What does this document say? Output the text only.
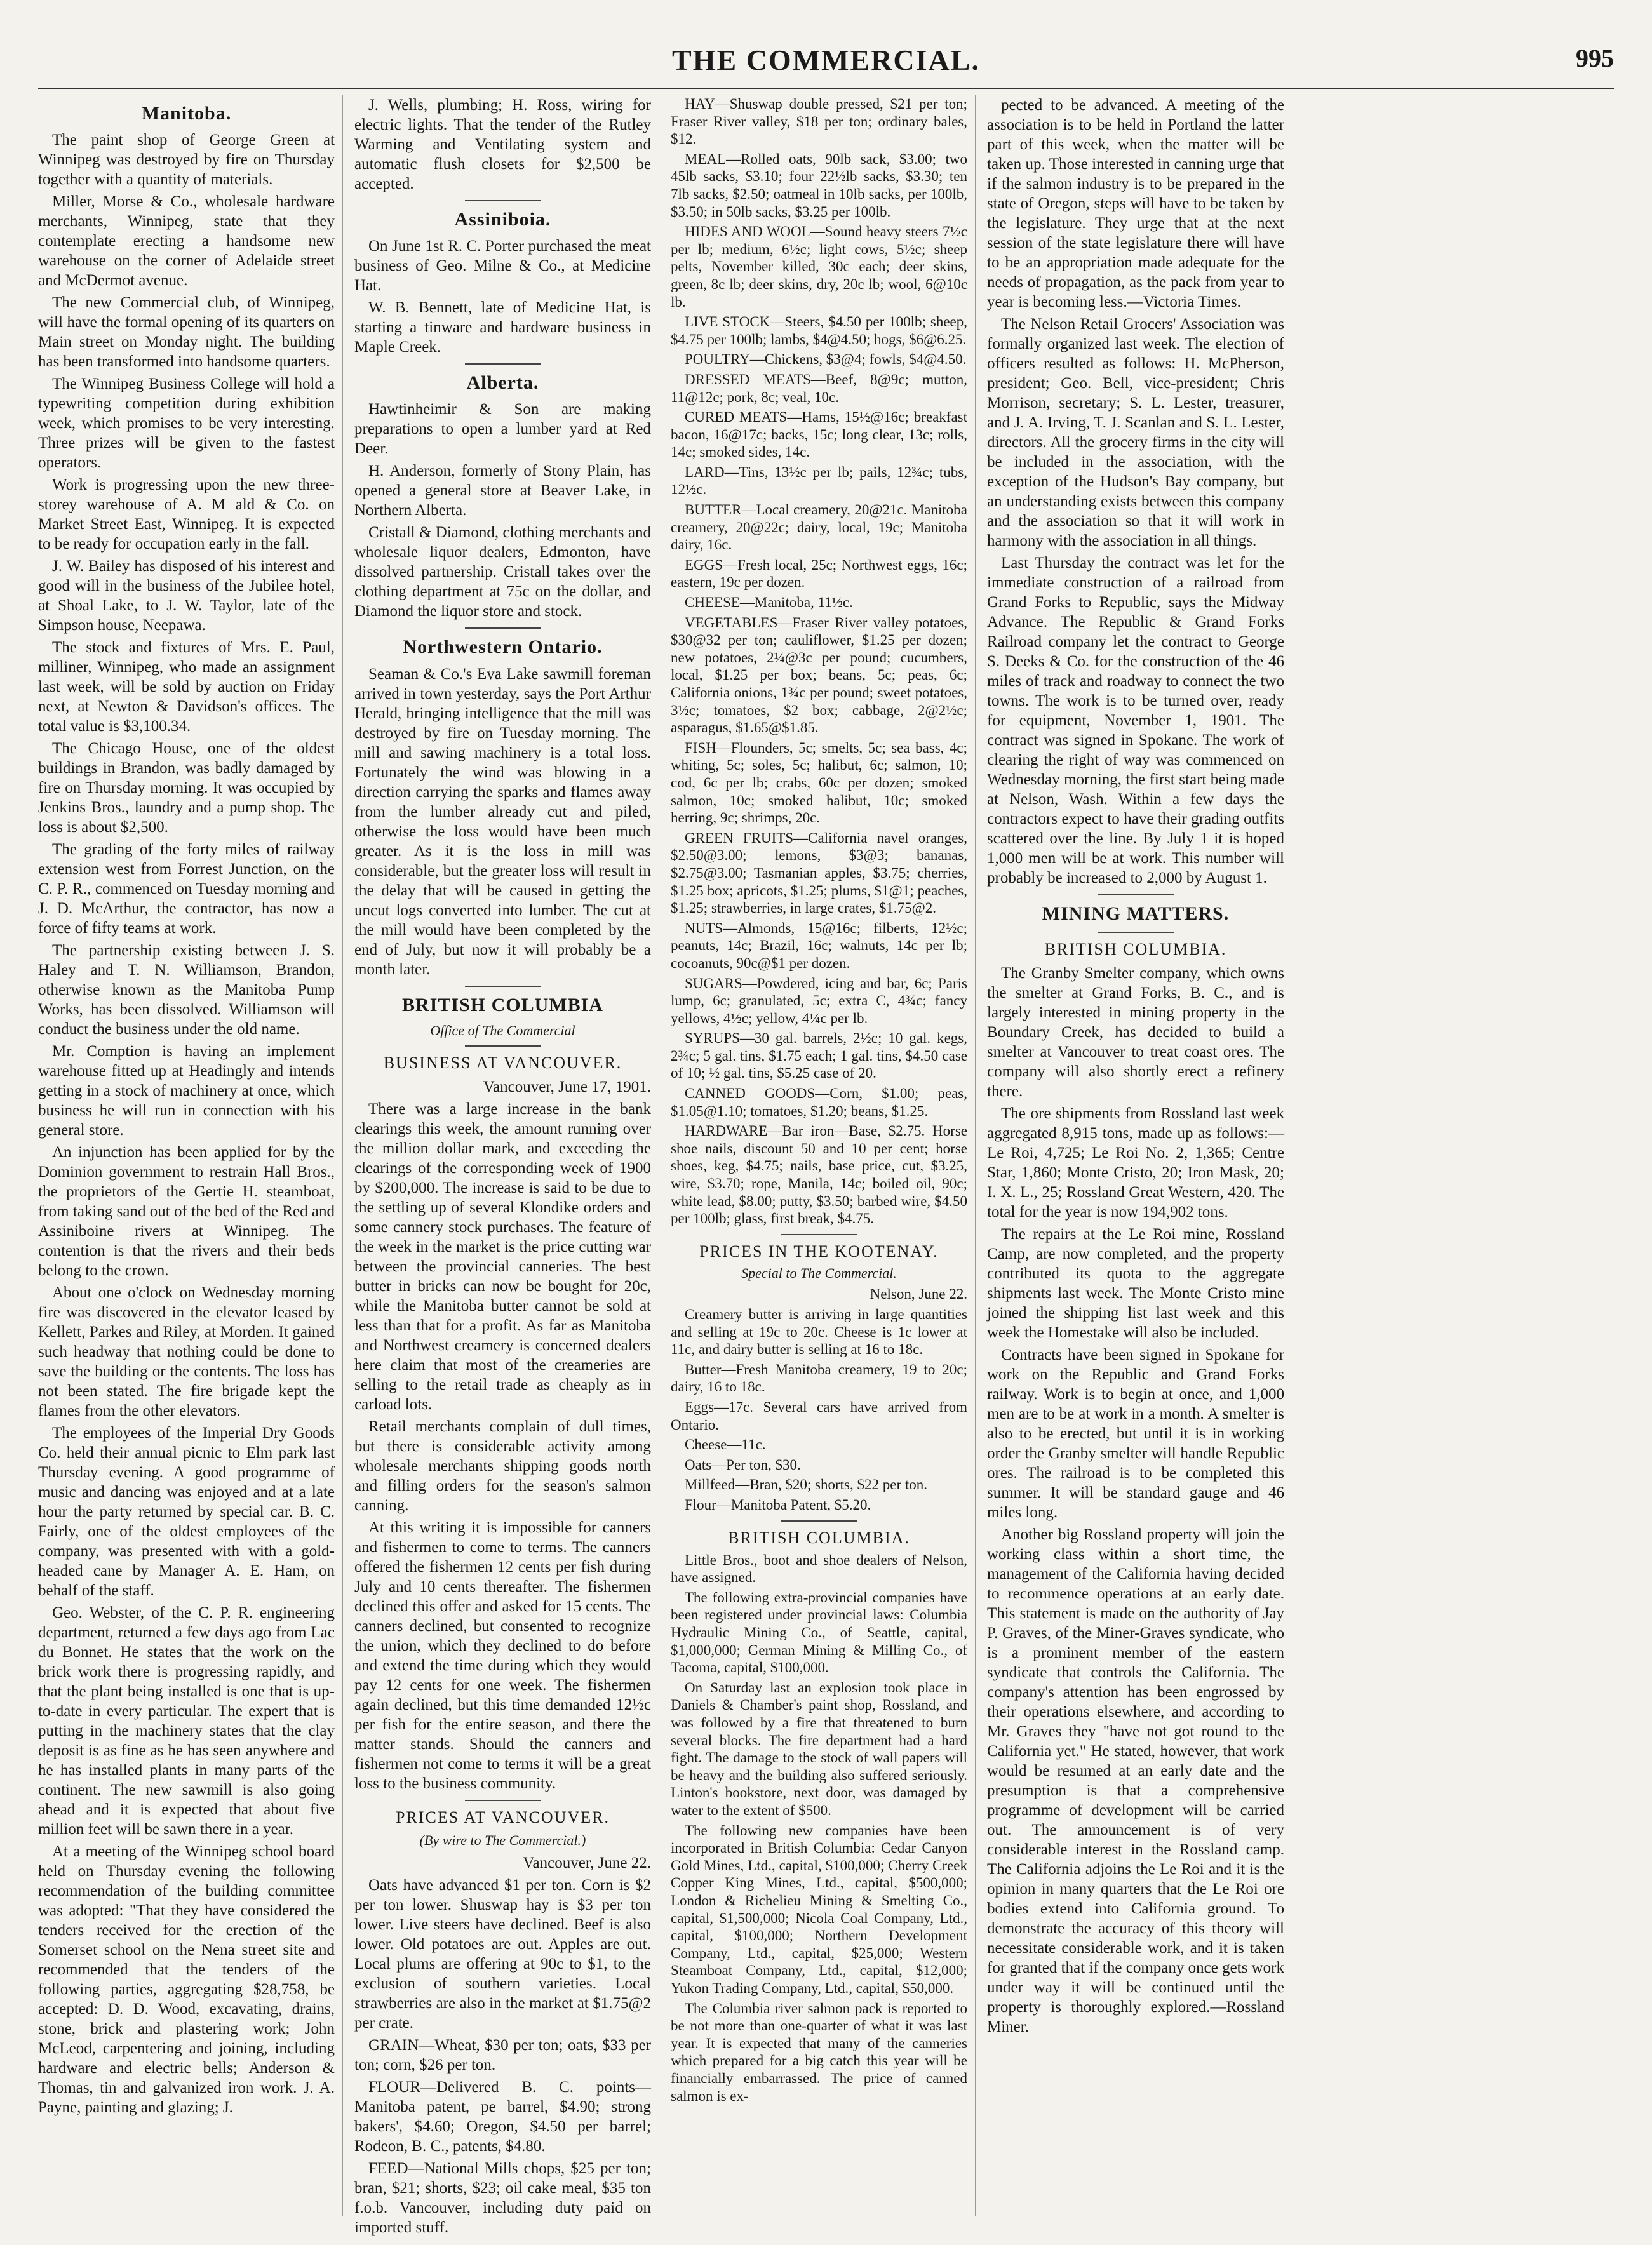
THE COMMERCIAL.	995
Manitoba.

The paint shop of George Green at Winnipeg was destroyed by fire on Thursday together with a quantity of materials.

Miller, Morse & Co., wholesale hardware merchants, Winnipeg, state that they contemplate erecting a handsome new warehouse on the corner of Adelaide street and McDermot avenue.

The new Commercial club, of Winnipeg, will have the formal opening of its quarters on Main street on Monday night. The building has been transformed into handsome quarters.

The Winnipeg Business College will hold a typewriting competition during exhibition week, which promises to be very interesting. Three prizes will be given to the fastest operators.

Work is progressing upon the new three-storey warehouse of A. M ald & Co. on Market Street East, Winnipeg. It is expected to be ready for occupation early in the fall.

J. W. Bailey has disposed of his interest and good will in the business of the Jubilee hotel, at Shoal Lake, to J. W. Taylor, late of the Simpson house, Neepawa.

The stock and fixtures of Mrs. E. Paul, milliner, Winnipeg, who made an assignment last week, will be sold by auction on Friday next, at Newton & Davidson's offices. The total value is $3,100.34.

The Chicago House, one of the oldest buildings in Brandon, was badly damaged by fire on Thursday morning. It was occupied by Jenkins Bros., laundry and a pump shop. The loss is about $2,500.

The grading of the forty miles of railway extension west from Forrest Junction, on the C. P. R., commenced on Tuesday morning and J. D. McArthur, the contractor, has now a force of fifty teams at work.

The partnership existing between J. S. Haley and T. N. Williamson, Brandon, otherwise known as the Manitoba Pump Works, has been dissolved. Williamson will conduct the business under the old name.

Mr. Comption is having an implement warehouse fitted up at Headingly and intends getting in a stock of machinery at once, which business he will run in connection with his general store.

An injunction has been applied for by the Dominion government to restrain Hall Bros., the proprietors of the Gertie H. steamboat, from taking sand out of the bed of the Red and Assiniboine rivers at Winnipeg. The contention is that the rivers and their beds belong to the crown.

About one o'clock on Wednesday morning fire was discovered in the elevator leased by Kellett, Parkes and Riley, at Morden. It gained such headway that nothing could be done to save the building or the contents. The loss has not been stated. The fire brigade kept the flames from the other elevators.

The employees of the Imperial Dry Goods Co. held their annual picnic to Elm park last Thursday evening. A good programme of music and dancing was enjoyed and at a late hour the party returned by special car. B. C. Fairly, one of the oldest employees of the company, was presented with with a gold-headed cane by Manager A. E. Ham, on behalf of the staff.

Geo. Webster, of the C. P. R. engineering department, returned a few days ago from Lac du Bonnet. He states that the work on the brick work there is progressing rapidly, and that the plant being installed is one that is up-to-date in every particular. The expert that is putting in the machinery states that the clay deposit is as fine as he has seen anywhere and he has installed plants in many parts of the continent. The new sawmill is also going ahead and it is expected that about five million feet will be sawn there in a year.

At a meeting of the Winnipeg school board held on Thursday evening the following recommendation of the building committee was adopted: "That they have considered the tenders received for the erection of the Somerset school on the Nena street site and recommended that the tenders of the following parties, aggregating $28,758, be accepted: D. D. Wood, excavating, drains, stone, brick and plastering work; John McLeod, carpentering and joining, including hardware and electric bells; Anderson & Thomas, tin and galvanized iron work. J. A. Payne, painting and glazing; J.

J. Wells, plumbing; H. Ross, wiring for electric lights. That the tender of the Rutley Warming and Ventilating system and automatic flush closets for $2,500 be accepted.

Assiniboia.

On June 1st R. C. Porter purchased the meat business of Geo. Milne & Co., at Medicine Hat.

W. B. Bennett, late of Medicine Hat, is starting a tinware and hardware business in Maple Creek.

Alberta.

Hawtinheimir & Son are making preparations to open a lumber yard at Red Deer.

H. Anderson, formerly of Stony Plain, has opened a general store at Beaver Lake, in Northern Alberta.

Cristall & Diamond, clothing merchants and wholesale liquor dealers, Edmonton, have dissolved partnership. Cristall takes over the clothing department at 75c on the dollar, and Diamond the liquor store and stock.

Northwestern Ontario.

Seaman & Co.'s Eva Lake sawmill foreman arrived in town yesterday, says the Port Arthur Herald, bringing intelligence that the mill was destroyed by fire on Tuesday morning. The mill and sawing machinery is a total loss. Fortunately the wind was blowing in a direction carrying the sparks and flames away from the lumber already cut and piled, otherwise the loss would have been much greater. As it is the loss in mill was considerable, but the greater loss will result in the delay that will be caused in getting the uncut logs converted into lumber. The cut at the mill would have been completed by the end of July, but now it will probably be a month later.

BRITISH COLUMBIA

Office of The Commercial

BUSINESS AT VANCOUVER.

Vancouver, June 17, 1901.

There was a large increase in the bank clearings this week, the amount running over the million dollar mark, and exceeding the clearings of the corresponding week of 1900 by $200,000. The increase is said to be due to the settling up of several Klondike orders and some cannery stock purchases. The feature of the week in the market is the price cutting war between the provincial canneries. The best butter in bricks can now be bought for 20c, while the Manitoba butter cannot be sold at less than that for a profit. As far as Manitoba and Northwest creamery is concerned dealers here claim that most of the creameries are selling to the retail trade as cheaply as in carload lots.

Retail merchants complain of dull times, but there is considerable activity among wholesale merchants shipping goods north and filling orders for the season's salmon canning.

At this writing it is impossible for canners and fishermen to come to terms. The canners offered the fishermen 12 cents per fish during July and 10 cents thereafter. The fishermen declined this offer and asked for 15 cents. The canners declined, but consented to recognize the union, which they declined to do before and extend the time during which they would pay 12 cents for one week. The fishermen again declined, but this time demanded 12½c per fish for the entire season, and there the matter stands. Should the canners and fishermen not come to terms it will be a great loss to the business community.

PRICES AT VANCOUVER.

(By wire to The Commercial.)

Vancouver, June 22.

Oats have advanced $1 per ton. Corn is $2 per ton lower. Shuswap hay is $3 per ton lower. Live steers have declined. Beef is also lower. Old potatoes are out. Apples are out. Local plums are offering at 90c to $1, to the exclusion of southern varieties. Local strawberries are also in the market at $1.75@2 per crate.

GRAIN—Wheat, $30 per ton; oats, $33 per ton; corn, $26 per ton.

FLOUR—Delivered B. C. points—Manitoba patent, pe barrel, $4.90; strong bakers', $4.60; Oregon, $4.50 per barrel; Rodeon, B. C., patents, $4.80.

FEED—National Mills chops, $25 per ton; bran, $21; shorts, $23; oil cake meal, $35 ton f.o.b. Vancouver, including duty paid on imported stuff.

HAY—Shuswap double pressed, $21 per ton; Fraser River valley, $18 per ton; ordinary bales, $12.

MEAL—Rolled oats, 90lb sack, $3.00; two 45lb sacks, $3.10; four 22½lb sacks, $3.30; ten 7lb sacks, $2.50; oatmeal in 10lb sacks, per 100lb, $3.50; in 50lb sacks, $3.25 per 100lb.

HIDES AND WOOL—Sound heavy steers 7½c per lb; medium, 6½c; light cows, 5½c; sheep pelts, November killed, 30c each; deer skins, green, 8c lb; deer skins, dry, 20c lb; wool, 6@10c lb.

LIVE STOCK—Steers, $4.50 per 100lb; sheep, $4.75 per 100lb; lambs, $4@4.50; hogs, $6@6.25.

POULTRY—Chickens, $3@4; fowls, $4@4.50.

DRESSED MEATS—Beef, 8@9c; mutton, 11@12c; pork, 8c; veal, 10c.

CURED MEATS—Hams, 15½@16c; breakfast bacon, 16@17c; backs, 15c; long clear, 13c; rolls, 14c; smoked sides, 14c.

LARD—Tins, 13½c per lb; pails, 12¾c; tubs, 12½c.

BUTTER—Local creamery, 20@21c. Manitoba creamery, 20@22c; dairy, local, 19c; Manitoba dairy, 16c.

EGGS—Fresh local, 25c; Northwest eggs, 16c; eastern, 19c per dozen.

CHEESE—Manitoba, 11½c.

VEGETABLES—Fraser River valley potatoes, $30@32 per ton; cauliflower, $1.25 per dozen; new potatoes, 2¼@3c per pound; cucumbers, local, $1.25 per box; beans, 5c; peas, 6c; California onions, 1¾c per pound; sweet potatoes, 3½c; tomatoes, $2 box; cabbage, 2@2½c; asparagus, $1.65@$1.85.

FISH—Flounders, 5c; smelts, 5c; sea bass, 4c; whiting, 5c; soles, 5c; halibut, 6c; salmon, 10; cod, 6c per lb; crabs, 60c per dozen; smoked salmon, 10c; smoked halibut, 10c; smoked herring, 9c; shrimps, 20c.

GREEN FRUITS—California navel oranges, $2.50@3.00; lemons, $3@3; bananas, $2.75@3.00; Tasmanian apples, $3.75; cherries, $1.25 box; apricots, $1.25; plums, $1@1; peaches, $1.25; strawberries, in large crates, $1.75@2.

NUTS—Almonds, 15@16c; filberts, 12½c; peanuts, 14c; Brazil, 16c; walnuts, 14c per lb; cocoanuts, 90c@$1 per dozen.

SUGARS—Powdered, icing and bar, 6c; Paris lump, 6c; granulated, 5c; extra C, 4¾c; fancy yellows, 4½c; yellow, 4¼c per lb.

SYRUPS—30 gal. barrels, 2½c; 10 gal. kegs, 2¾c; 5 gal. tins, $1.75 each; 1 gal. tins, $4.50 case of 10; ½ gal. tins, $5.25 case of 20.

CANNED GOODS—Corn, $1.00; peas, $1.05@1.10; tomatoes, $1.20; beans, $1.25.

HARDWARE—Bar iron—Base, $2.75. Horse shoe nails, discount 50 and 10 per cent; horse shoes, keg, $4.75; nails, base price, cut, $3.25, wire, $3.70; rope, Manila, 14c; boiled oil, 90c; white lead, $8.00; putty, $3.50; barbed wire, $4.50 per 100lb; glass, first break, $4.75.

PRICES IN THE KOOTENAY.

Special to The Commercial.

Nelson, June 22.

Creamery butter is arriving in large quantities and selling at 19c to 20c. Cheese is 1c lower at 11c, and dairy butter is selling at 16 to 18c.

Butter—Fresh Manitoba creamery, 19 to 20c; dairy, 16 to 18c.

Eggs—17c. Several cars have arrived from Ontario.

Cheese—11c.

Oats—Per ton, $30.

Millfeed—Bran, $20; shorts, $22 per ton.

Flour—Manitoba Patent, $5.20.

BRITISH COLUMBIA.

Little Bros., boot and shoe dealers of Nelson, have assigned.

The following extra-provincial companies have been registered under provincial laws: Columbia Hydraulic Mining Co., of Seattle, capital, $1,000,000; German Mining & Milling Co., of Tacoma, capital, $100,000.

On Saturday last an explosion took place in Daniels & Chamber's paint shop, Rossland, and was followed by a fire that threatened to burn several blocks. The fire department had a hard fight. The damage to the stock of wall papers will be heavy and the building also suffered seriously. Linton's bookstore, next door, was damaged by water to the extent of $500.

The following new companies have been incorporated in British Columbia: Cedar Canyon Gold Mines, Ltd., capital, $100,000; Cherry Creek Copper King Mines, Ltd., capital, $500,000; London & Richelieu Mining & Smelting Co., capital, $1,500,000; Nicola Coal Company, Ltd., capital, $100,000; Northern Development Company, Ltd., capital, $25,000; Western Steamboat Company, Ltd., capital, $12,000; Yukon Trading Company, Ltd., capital, $50,000.

The Columbia river salmon pack is reported to be not more than one-quarter of what it was last year. It is expected that many of the canneries which prepared for a big catch this year will be financially embarrassed. The price of canned salmon is ex-

pected to be advanced. A meeting of the association is to be held in Portland the latter part of this week, when the matter will be taken up. Those interested in canning urge that if the salmon industry is to be prepared in the state of Oregon, steps will have to be taken by the legislature. They urge that at the next session of the state legislature there will have to be an appropriation made adequate for the needs of propagation, as the pack from year to year is becoming less.—Victoria Times.

The Nelson Retail Grocers' Association was formally organized last week. The election of officers resulted as follows: H. McPherson, president; Geo. Bell, vice-president; Chris Morrison, secretary; S. L. Lester, treasurer, and J. A. Irving, T. J. Scanlan and S. L. Lester, directors. All the grocery firms in the city will be included in the association, with the exception of the Hudson's Bay company, but an understanding exists between this company and the association so that it will work in harmony with the association in all things.

Last Thursday the contract was let for the immediate construction of a railroad from Grand Forks to Republic, says the Midway Advance. The Republic & Grand Forks Railroad company let the contract to George S. Deeks & Co. for the construction of the 46 miles of track and roadway to connect the two towns. The work is to be turned over, ready for equipment, November 1, 1901. The contract was signed in Spokane. The work of clearing the right of way was commenced on Wednesday morning, the first start being made at Nelson, Wash. Within a few days the contractors expect to have their grading outfits scattered over the line. By July 1 it is hoped 1,000 men will be at work. This number will probably be increased to 2,000 by August 1.

MINING MATTERS.
BRITISH COLUMBIA.

The Granby Smelter company, which owns the smelter at Grand Forks, B. C., and is largely interested in mining property in the Boundary Creek, has decided to build a smelter at Vancouver to treat coast ores. The company will also shortly erect a refinery there.

The ore shipments from Rossland last week aggregated 8,915 tons, made up as follows:—Le Roi, 4,725; Le Roi No. 2, 1,365; Centre Star, 1,860; Monte Cristo, 20; Iron Mask, 20; I. X. L., 25; Rossland Great Western, 420. The total for the year is now 194,902 tons.

The repairs at the Le Roi mine, Rossland Camp, are now completed, and the property contributed its quota to the aggregate shipments last week. The Monte Cristo mine joined the shipping list last week and this week the Homestake will also be included.

Contracts have been signed in Spokane for work on the Republic and Grand Forks railway. Work is to begin at once, and 1,000 men are to be at work in a month. A smelter is also to be erected, but until it is in working order the Granby smelter will handle Republic ores. The railroad is to be completed this summer. It will be standard gauge and 46 miles long.

Another big Rossland property will join the working class within a short time, the management of the California having decided to recommence operations at an early date. This statement is made on the authority of Jay P. Graves, of the Miner-Graves syndicate, who is a prominent member of the eastern syndicate that controls the California. The company's attention has been engrossed by their operations elsewhere, and according to Mr. Graves they "have not got round to the California yet." He stated, however, that work would be resumed at an early date and the presumption is that a comprehensive programme of development will be carried out. The announcement is of very considerable interest in the Rossland camp. The California adjoins the Le Roi and it is the opinion in many quarters that the Le Roi ore bodies extend into California ground. To demonstrate the accuracy of this theory will necessitate considerable work, and it is taken for granted that if the company once gets work under way it will be continued until the property is thoroughly explored.—Rossland Miner.
